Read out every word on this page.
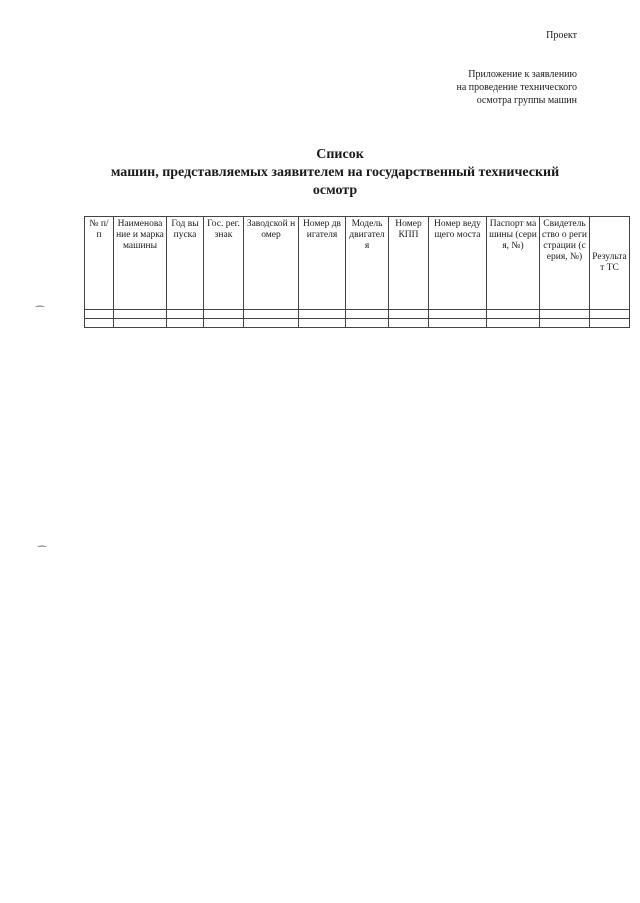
Проект
Приложение к заявлению
на проведение технического
осмотра группы машин
Список
машин, представляемых заявителем на государственный технический
осмотр
№ п/п	Наименование и марка машины	Год выпуска	Гос. рег. знак	Заводской номер	Номер двигателя	Модель двигателя	Номер КПП	Номер ведущего моста	Паспорт машины (серия, №)	Свидетельство о регистрации (серия, №)	Результат ТС

⁀
⁀
